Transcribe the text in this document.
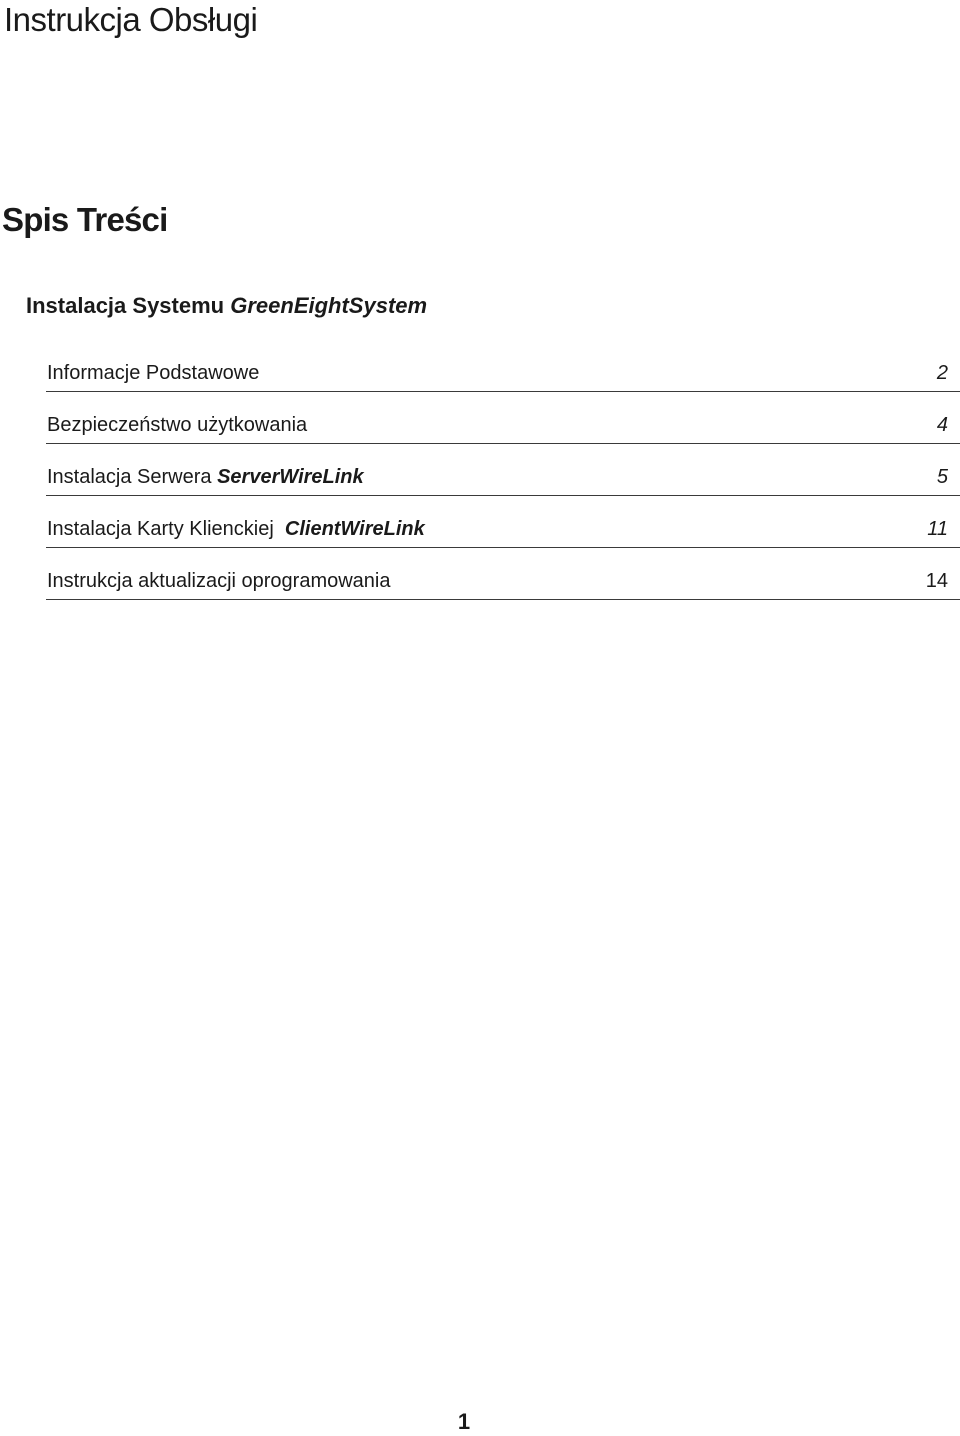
Instrukcja Obsługi
Spis Treści
Instalacja Systemu GreenEightSystem
Informacje Podstawowe	2
Bezpieczeństwo użytkowania	4
Instalacja Serwera ServerWireLink	5
Instalacja Karty Klienckiej ClientWireLink	11
Instrukcja aktualizacji oprogramowania	14
1
